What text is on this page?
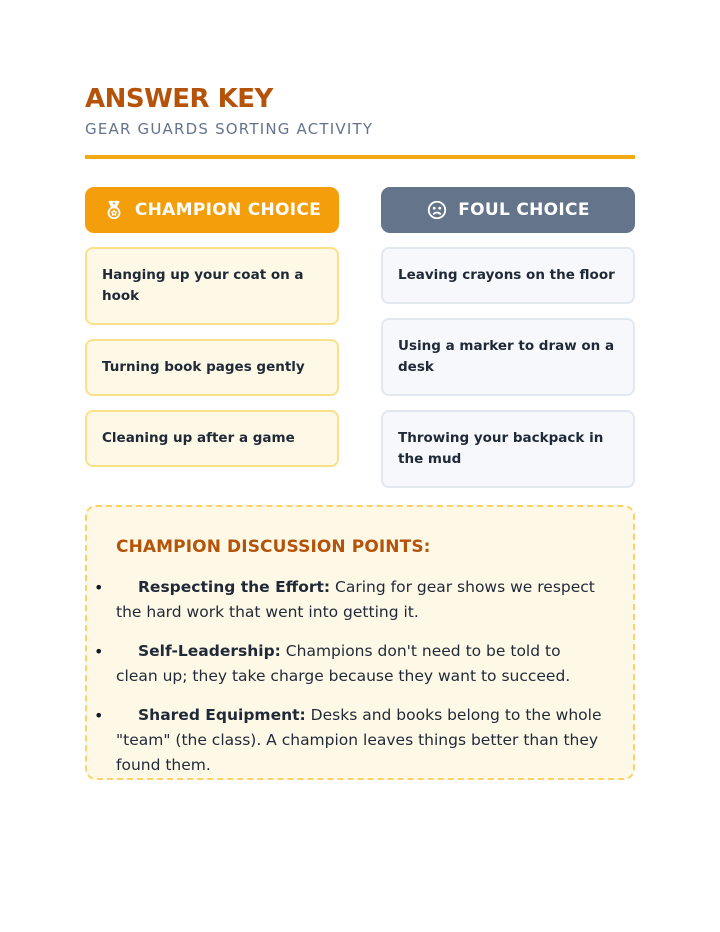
ANSWER KEY
GEAR GUARDS SORTING ACTIVITY
CHAMPION CHOICE
Hanging up your coat on a hook
Turning book pages gently
Cleaning up after a game
FOUL CHOICE
Leaving crayons on the floor
Using a marker to draw on a desk
Throwing your backpack in the mud
CHAMPION DISCUSSION POINTS:
• Respecting the Effort: Caring for gear shows we respect the hard work that went into getting it.
• Self-Leadership: Champions don't need to be told to clean up; they take charge because they want to succeed.
• Shared Equipment: Desks and books belong to the whole "team" (the class). A champion leaves things better than they found them.
